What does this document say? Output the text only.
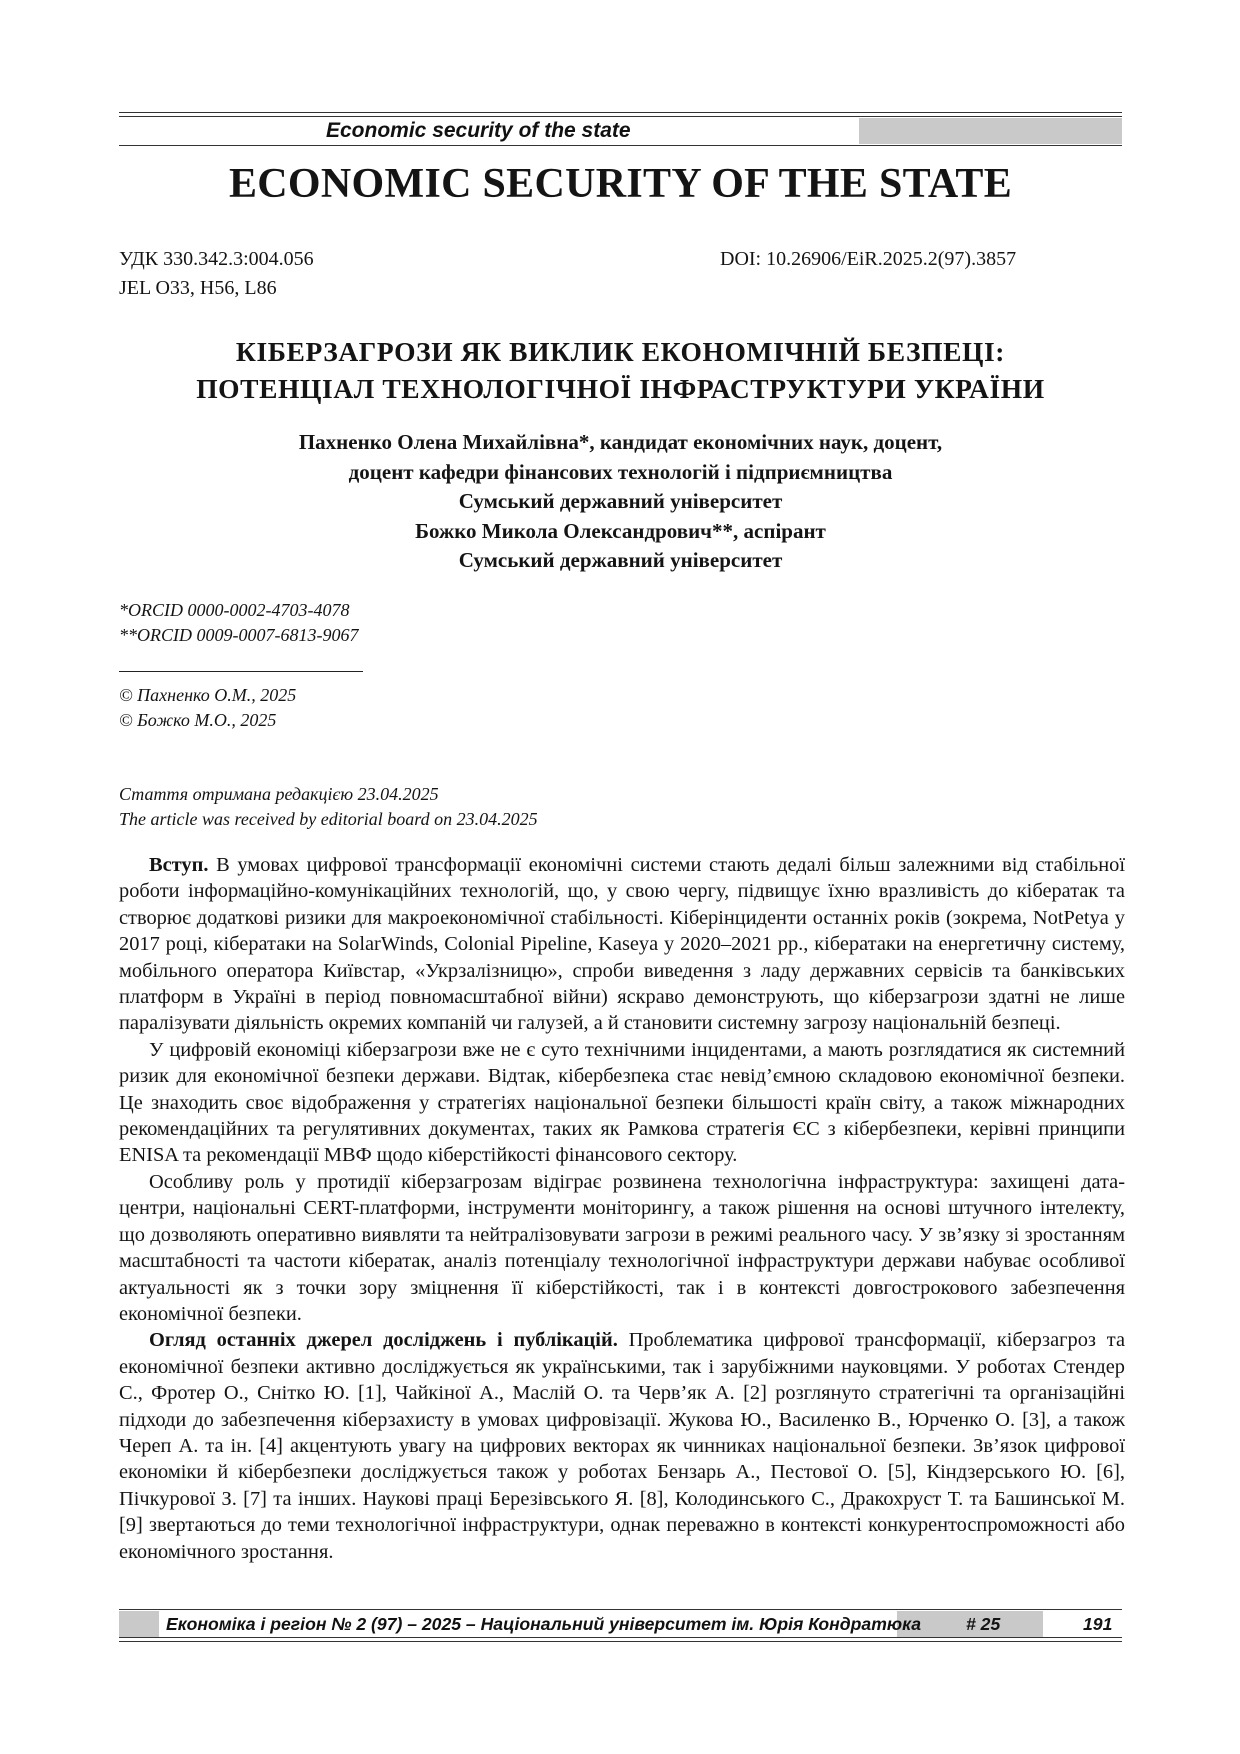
Economic security of the state
ECONOMIC SECURITY OF THE STATE
УДК 330.342.3:004.056
JEL O33, H56, L86
DOI: 10.26906/EiR.2025.2(97).3857
КІБЕРЗАГРОЗИ ЯК ВИКЛИК ЕКОНОМІЧНІЙ БЕЗПЕЦІ:
ПОТЕНЦІАЛ ТЕХНОЛОГІЧНОЇ ІНФРАСТРУКТУРИ УКРАЇНИ
Пахненко Олена Михайлівна*, кандидат економічних наук, доцент,
доцент кафедри фінансових технологій і підприємництва
Сумський державний університет
Божко Микола Олександрович**, аспірант
Сумський державний університет
*ORCID 0000-0002-4703-4078
**ORCID 0009-0007-6813-9067
© Пахненко О.М., 2025
© Божко М.О., 2025
Стаття отримана редакцією 23.04.2025
The article was received by editorial board on 23.04.2025

Вступ. В умовах цифрової трансформації економічні системи стають дедалі більш залежними від стабільної роботи інформаційно-комунікаційних технологій, що, у свою чергу, підвищує їхню вразливість до кібератак та створює додаткові ризики для макроекономічної стабільності. Кіберінциденти останніх років (зокрема, NotPetya у 2017 році, кібератаки на SolarWinds, Colonial Pipeline, Kaseya у 2020–2021 рр., кібератаки на енергетичну систему, мобільного оператора Київстар, «Укрзалізницю», спроби виведення з ладу державних сервісів та банківських платформ в Україні в період повномасштабної війни) яскраво демонструють, що кіберзагрози здатні не лише паралізувати діяльність окремих компаній чи галузей, а й становити системну загрозу національній безпеці.

У цифровій економіці кіберзагрози вже не є суто технічними інцидентами, а мають розглядатися як системний ризик для економічної безпеки держави. Відтак, кібербезпека стає невід’ємною складовою економічної безпеки. Це знаходить своє відображення у стратегіях національної безпеки більшості країн світу, а також міжнародних рекомендаційних та регулятивних документах, таких як Рамкова стратегія ЄС з кібербезпеки, керівні принципи ENISA та рекомендації МВФ щодо кіберстійкості фінансового сектору.

Особливу роль у протидії кіберзагрозам відіграє розвинена технологічна інфраструктура: захищені дата-центри, національні CERT-платформи, інструменти моніторингу, а також рішення на основі штучного інтелекту, що дозволяють оперативно виявляти та нейтралізовувати загрози в режимі реального часу. У зв’язку зі зростанням масштабності та частоти кібератак, аналіз потенціалу технологічної інфраструктури держави набуває особливої актуальності як з точки зору зміцнення її кіберстійкості, так і в контексті довгострокового забезпечення економічної безпеки.

Огляд останніх джерел досліджень і публікацій. Проблематика цифрової трансформації, кіберзагроз та економічної безпеки активно досліджується як українськими, так і зарубіжними науковцями. У роботах Стендер С., Фротер О., Снітко Ю. [1], Чайкіної А., Маслій О. та Черв’як А. [2] розглянуто стратегічні та організаційні підходи до забезпечення кіберзахисту в умовах цифровізації. Жукова Ю., Василенко В., Юрченко О. [3], а також Череп А. та ін. [4] акцентують увагу на цифрових векторах як чинниках національної безпеки. Зв’язок цифрової економіки й кібербезпеки досліджується також у роботах Бензарь А., Пестової О. [5], Кіндзерського Ю. [6], Пічкурової З. [7] та інших. Наукові праці Березівського Я. [8], Колодинського С., Дракохруст Т. та Башинської М. [9] звертаються до теми технологічної інфраструктури, однак переважно в контексті конкурентоспроможності або економічного зростання.

Економіка і регіон № 2 (97) – 2025 – Національний університет ім. Юрія Кондратюка	# 25	191
